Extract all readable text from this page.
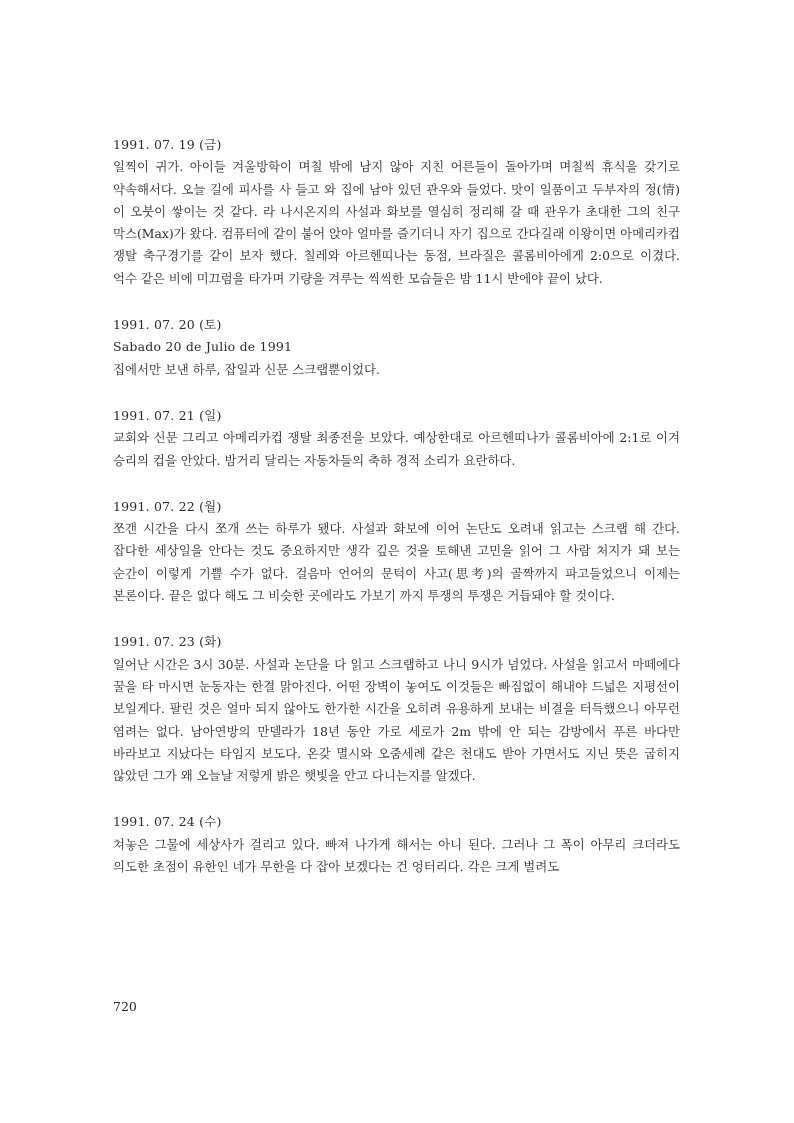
1991. 07. 19 (금)

일찍이 귀가. 아이들 겨울방학이 며칠 밖에 남지 않아 지친 어른들이 돌아가며 며칠씩 휴식을 갖기로 약속해서다. 오늘 길에 피사를 사 들고 와 집에 남아 있던 관우와 들었다. 맛이 일품이고 두부자의 정(情)이 오붓이 쌓이는 것 같다. 라 나시온지의 사설과 화보를 열심히 정리해 갈 때 관우가 초대한 그의 친구 막스(Max)가 왔다. 컴퓨터에 같이 붙어 앉아 얼마를 즐기더니 자기 집으로 간다길래 이왕이면 아메리카컵 쟁탈 축구경기를 같이 보자 했다. 칠레와 아르헨띠나는 동점, 브라질은 콜롬비아에게 2:0으로 이겼다. 억수 같은 비에 미끄럼을 타가며 기량을 겨루는 씩씩한 모습들은 밤 11시 반에야 끝이 났다.

1991. 07. 20 (토)
Sabado 20 de Julio de 1991

집에서만 보낸 하루, 잡일과 신문 스크랩뿐이었다.

1991. 07. 21 (일)

교회와 신문 그리고 아메리카컵 쟁탈 최종전을 보았다. 예상한대로 아르헨띠나가 콜롬비아에 2:1로 이겨 승리의 컵을 안았다. 밤거리 달리는 자동차들의 축하 경적 소리가 요란하다.

1991. 07. 22 (월)

쪼갠 시간을 다시 쪼개 쓰는 하루가 됐다. 사설과 화보에 이어 논단도 오려내 읽고는 스크랩 해 간다. 잡다한 세상일을 안다는 것도 중요하지만 생각 깊은 것을 토해낸 고민을 읽어 그 사람 처지가 돼 보는 순간이 이렇게 기쁠 수가 없다. 걸음마 언어의 문턱이 사고(思考)의 골짝까지 파고들었으니 이제는 본론이다. 끝은 없다 해도 그 비슷한 곳에라도 가보기 까지 투쟁의 투쟁은 거듭돼야 할 것이다.

1991. 07. 23 (화)

일어난 시간은 3시 30분. 사설과 논단을 다 읽고 스크랩하고 나니 9시가 넘었다. 사설을 읽고서 마떼에다 꿀을 타 마시면 눈동자는 한결 맑아진다. 어떤 장벽이 놓여도 이것들은 빠짐없이 해내야 드넓은 지평선이 보일게다. 팔린 것은 얼마 되지 않아도 한가한 시간을 오히려 유용하게 보내는 비결을 터득했으니 아무런 염려는 없다. 남아연방의 만델라가 18년 동안 가로 세로가 2m 밖에 안 되는 감방에서 푸른 바다만 바라보고 지났다는 타임지 보도다. 온갖 멸시와 오줌세례 같은 천대도 받아 가면서도 지닌 뜻은 굽히지 않았던 그가 왜 오늘날 저렇게 밝은 햇빛을 안고 다니는지를 알겠다.

1991. 07. 24 (수)

쳐놓은 그물에 세상사가 걸리고 있다. 빠져 나가게 해서는 아니 된다. 그러나 그 폭이 아무리 크더라도 의도한 초점이 유한인 네가 무한을 다 잡아 보겠다는 건 엉터리다. 각은 크게 벌려도

720
